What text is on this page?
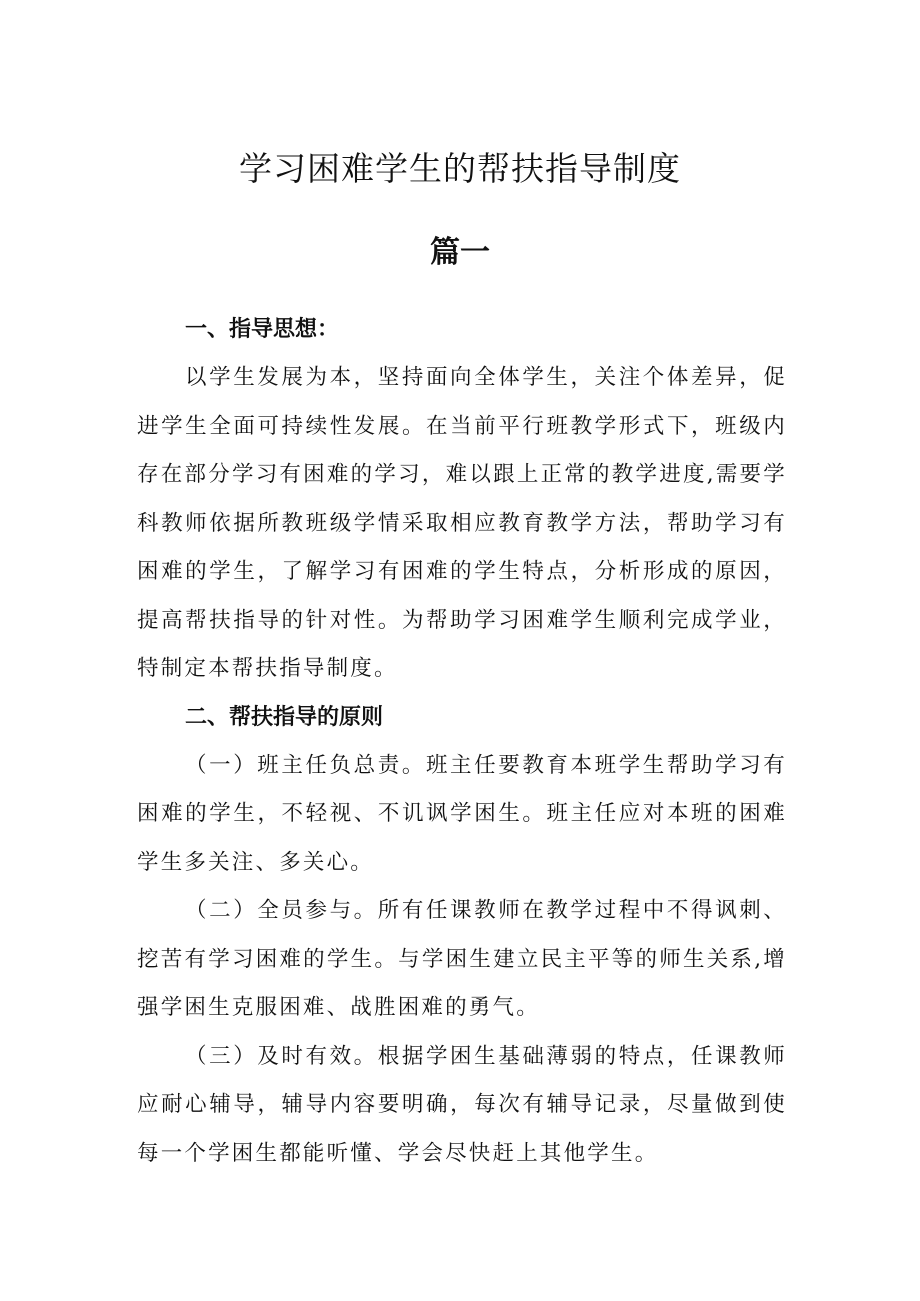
学习困难学生的帮扶指导制度
篇一
一、指导思想：

以学生发展为本，坚持面向全体学生，关注个体差异，促进学生全面可持续性发展。在当前平行班教学形式下，班级内存在部分学习有困难的学习，难以跟上正常的教学进度,需要学科教师依据所教班级学情采取相应教育教学方法，帮助学习有困难的学生，了解学习有困难的学生特点，分析形成的原因，提高帮扶指导的针对性。为帮助学习困难学生顺利完成学业，特制定本帮扶指导制度。

二、帮扶指导的原则

（一）班主任负总责。班主任要教育本班学生帮助学习有困难的学生，不轻视、不讥讽学困生。班主任应对本班的困难学生多关注、多关心。

（二）全员参与。所有任课教师在教学过程中不得讽刺、挖苦有学习困难的学生。与学困生建立民主平等的师生关系,增强学困生克服困难、战胜困难的勇气。

（三）及时有效。根据学困生基础薄弱的特点，任课教师应耐心辅导，辅导内容要明确，每次有辅导记录，尽量做到使每一个学困生都能听懂、学会尽快赶上其他学生。
